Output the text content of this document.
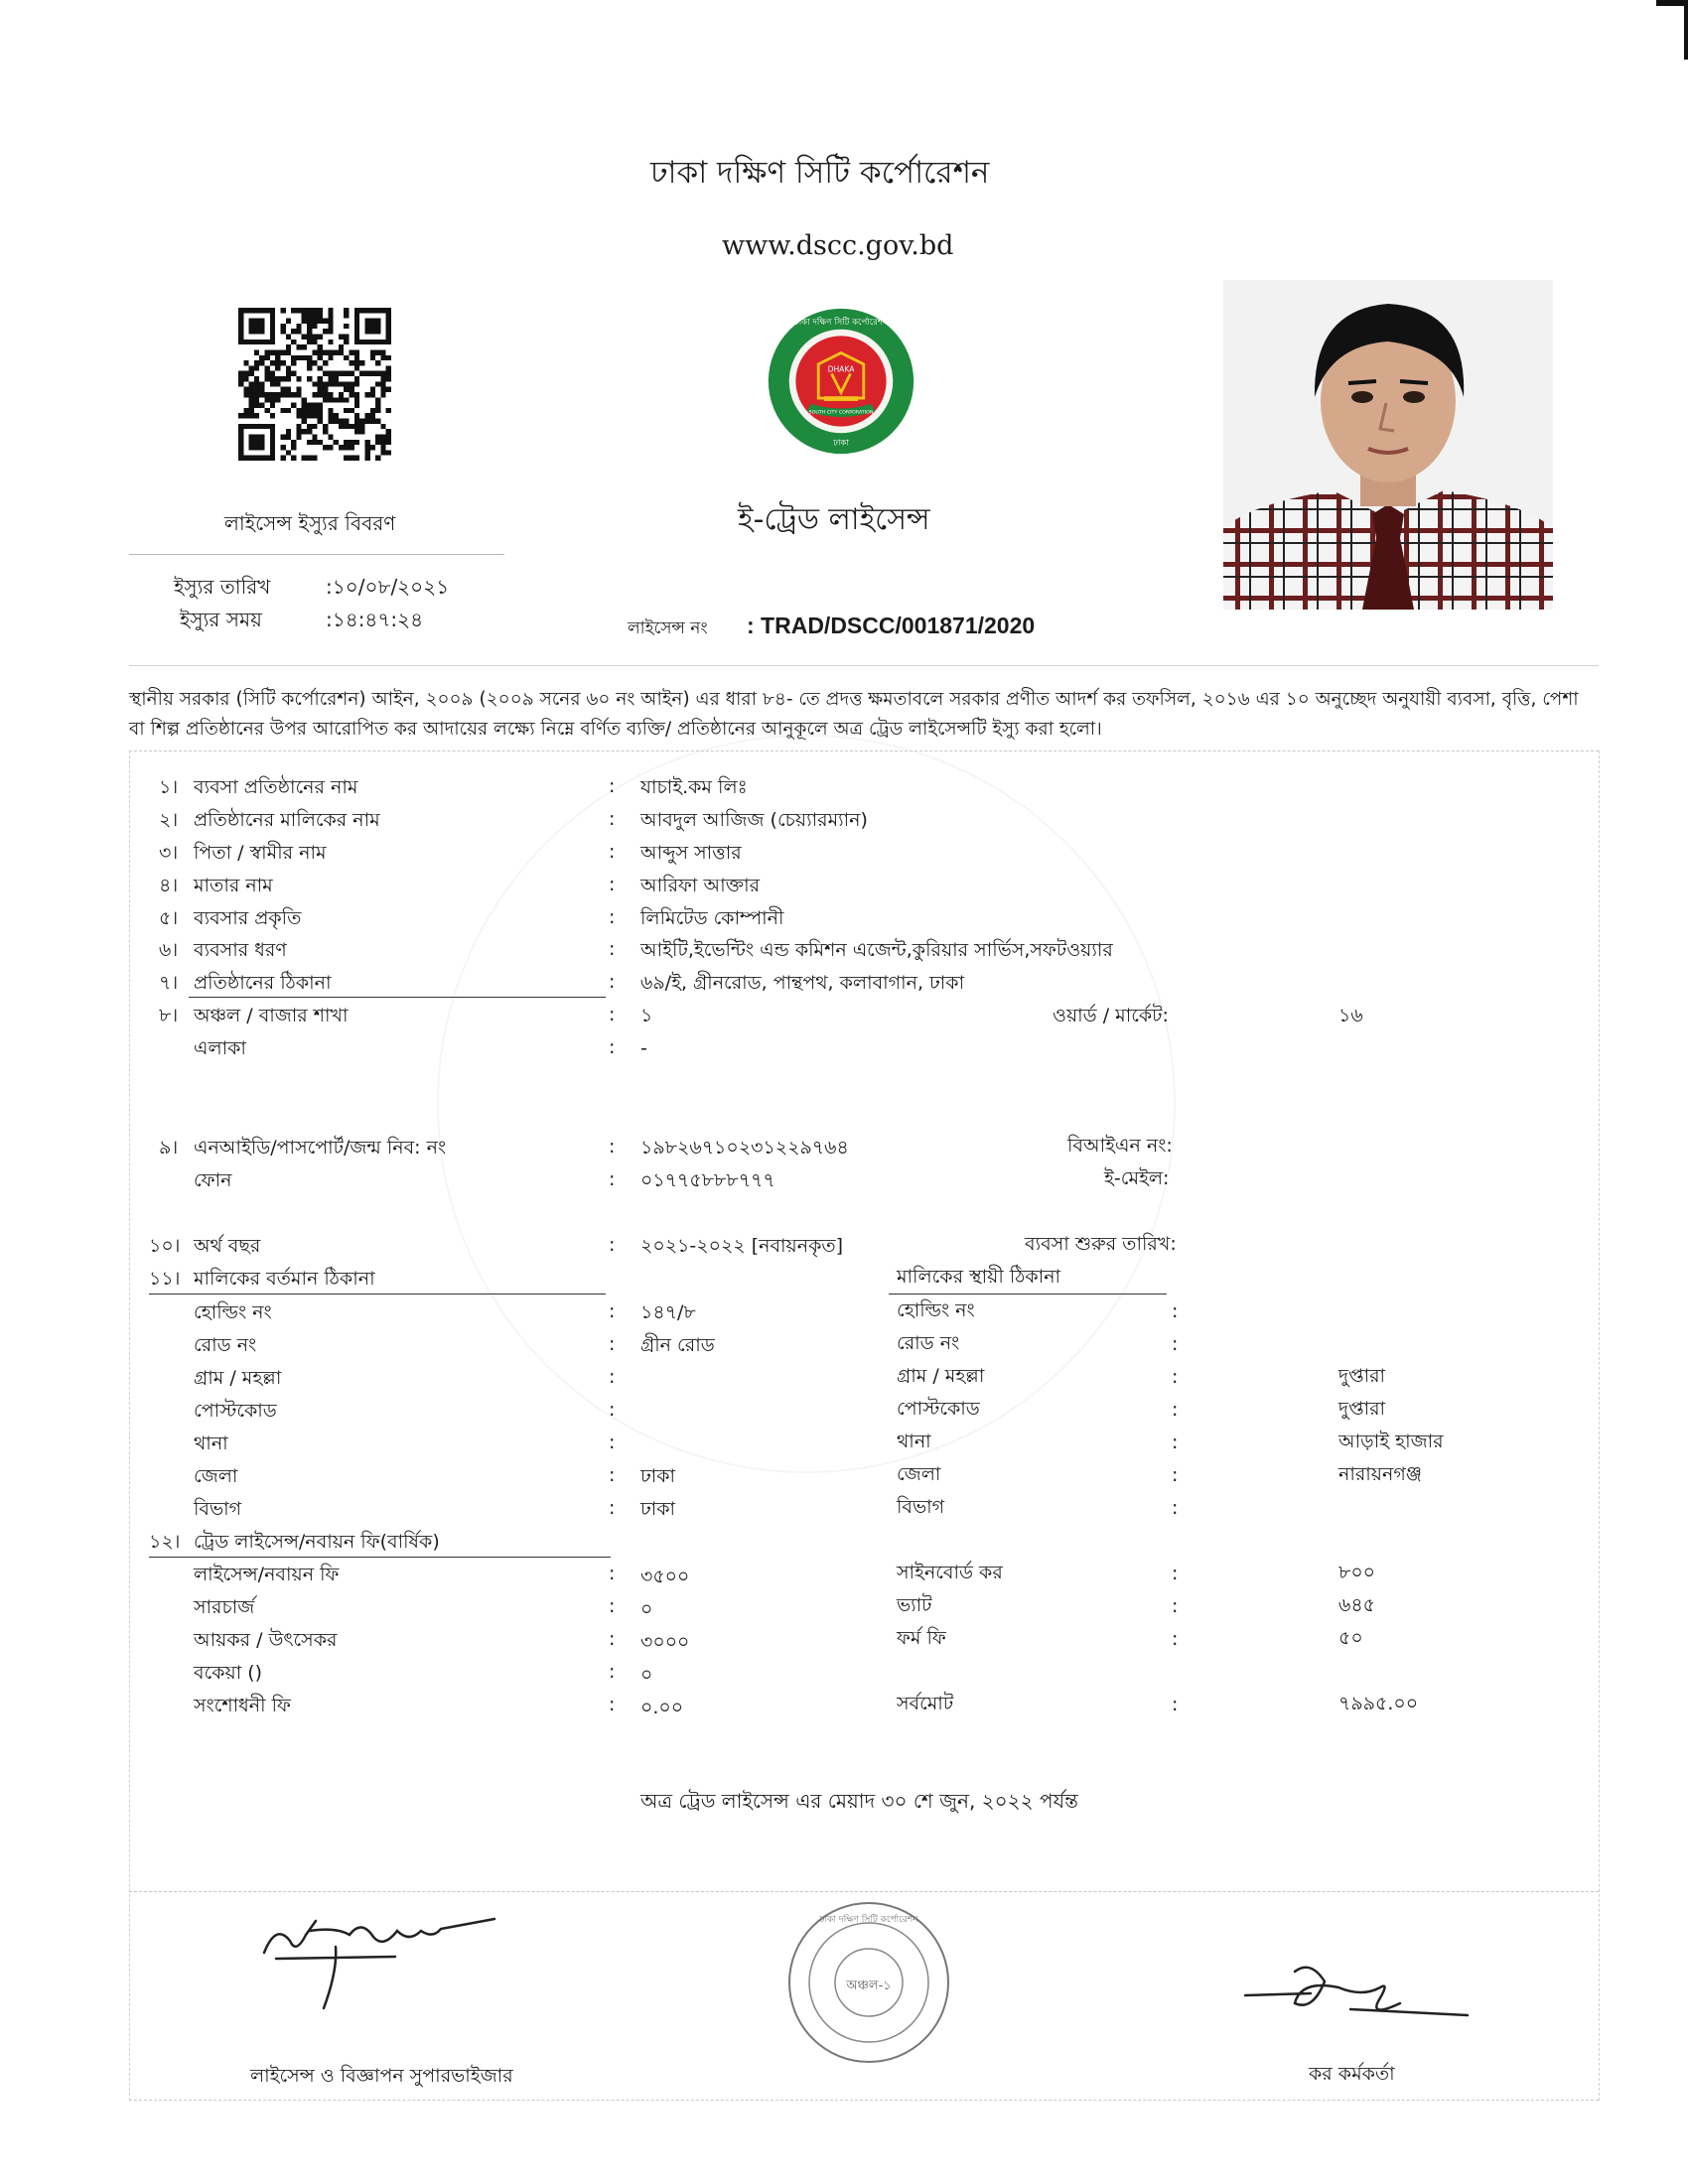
ঢাকা দক্ষিণ সিটি কর্পোরেশন
www.dscc.gov.bd
DHAKA
SOUTH CITY CORPORATION
ঢাকা দক্ষিণ সিটি কর্পোরেশন
ঢাকা
লাইসেন্স ইস্যুর বিবরণ
ইস্যুর তারিখ	:১০/০৮/২০২১
ইস্যুর সময়	:১৪:৪৭:২৪
ই-ট্রেড লাইসেন্স
লাইসেন্স নং : TRAD/DSCC/001871/2020
স্থানীয় সরকার (সিটি কর্পোরেশন) আইন, ২০০৯ (২০০৯ সনের ৬০ নং আইন) এর ধারা ৮৪- তে প্রদত্ত ক্ষমতাবলে সরকার প্রণীত আদর্শ কর তফসিল, ২০১৬ এর ১০ অনুচ্ছেদ অনুযায়ী ব্যবসা, বৃত্তি, পেশা বা শিল্প প্রতিষ্ঠানের উপর আরোপিত কর আদায়ের লক্ষ্যে নিম্নে বর্ণিত ব্যক্তি/ প্রতিষ্ঠানের আনুকূলে অত্র ট্রেড লাইসেন্সটি ইস্যু করা হলো।
১। ব্যবসা প্রতিষ্ঠানের নাম	: যাচাই.কম লিঃ
২। প্রতিষ্ঠানের মালিকের নাম	: আবদুল আজিজ (চেয়্যারম্যান)
৩। পিতা / স্বামীর নাম	: আব্দুস সাত্তার
৪। মাতার নাম	: আরিফা আক্তার
৫। ব্যবসার প্রকৃতি	: লিমিটেড কোম্পানী
৬। ব্যবসার ধরণ	: আইটি,ইভেন্টিং এন্ড কমিশন এজেন্ট,কুরিয়ার সার্ভিস,সফটওয়্যার
৭। প্রতিষ্ঠানের ঠিকানা	: ৬৯/ই, গ্রীনরোড, পান্থপথ, কলাবাগান, ঢাকা
৮। অঞ্চল / বাজার শাখা	: ১	ওয়ার্ড / মার্কেট:	১৬
এলাকা	: -
৯। এনআইডি/পাসপোর্ট/জন্ম নিব: নং	: ১৯৮২৬৭১০২৩১২২৯৭৬৪	বিআইএন নং:
ফোন	: ০১৭৭৫৮৮৮৭৭৭	ই-মেইল:
১০। অর্থ বছর	: ২০২১-২০২২ [নবায়নকৃত]	ব্যবসা শুরুর তারিখ:
১১। মালিকের বর্তমান ঠিকানা	মালিকের স্থায়ী ঠিকানা
হোল্ডিং নং	: ১৪৭/৮	হোল্ডিং নং	:
রোড নং	: গ্রীন রোড	রোড নং	:
গ্রাম / মহল্লা	:	গ্রাম / মহল্লা	:	দুপ্তারা
পোস্টকোড	:	পোস্টকোড	:	দুপ্তারা
থানা	:	থানা	:	আড়াই হাজার
জেলা	: ঢাকা	জেলা	:	নারায়নগঞ্জ
বিভাগ	: ঢাকা	বিভাগ	:
১২। ট্রেড লাইসেন্স/নবায়ন ফি(বার্ষিক)
লাইসেন্স/নবায়ন ফি	: ৩৫০০	সাইনবোর্ড কর	:	৮০০
সারচার্জ	: ০	ভ্যাট	:	৬৪৫
আয়কর / উৎসেকর	: ৩০০০	ফর্ম ফি	:	৫০
বকেয়া ()	: ০
সংশোধনী ফি	: ০.০০	সর্বমোট	:	৭৯৯৫.০০
অত্র ট্রেড লাইসেন্স এর মেয়াদ ৩০ শে জুন, ২০২২ পর্যন্ত
অঞ্চল-১
ঢাকা দক্ষিণ সিটি কর্পোরেশন
লাইসেন্স ও বিজ্ঞাপন সুপারভাইজার	কর কর্মকর্তা
